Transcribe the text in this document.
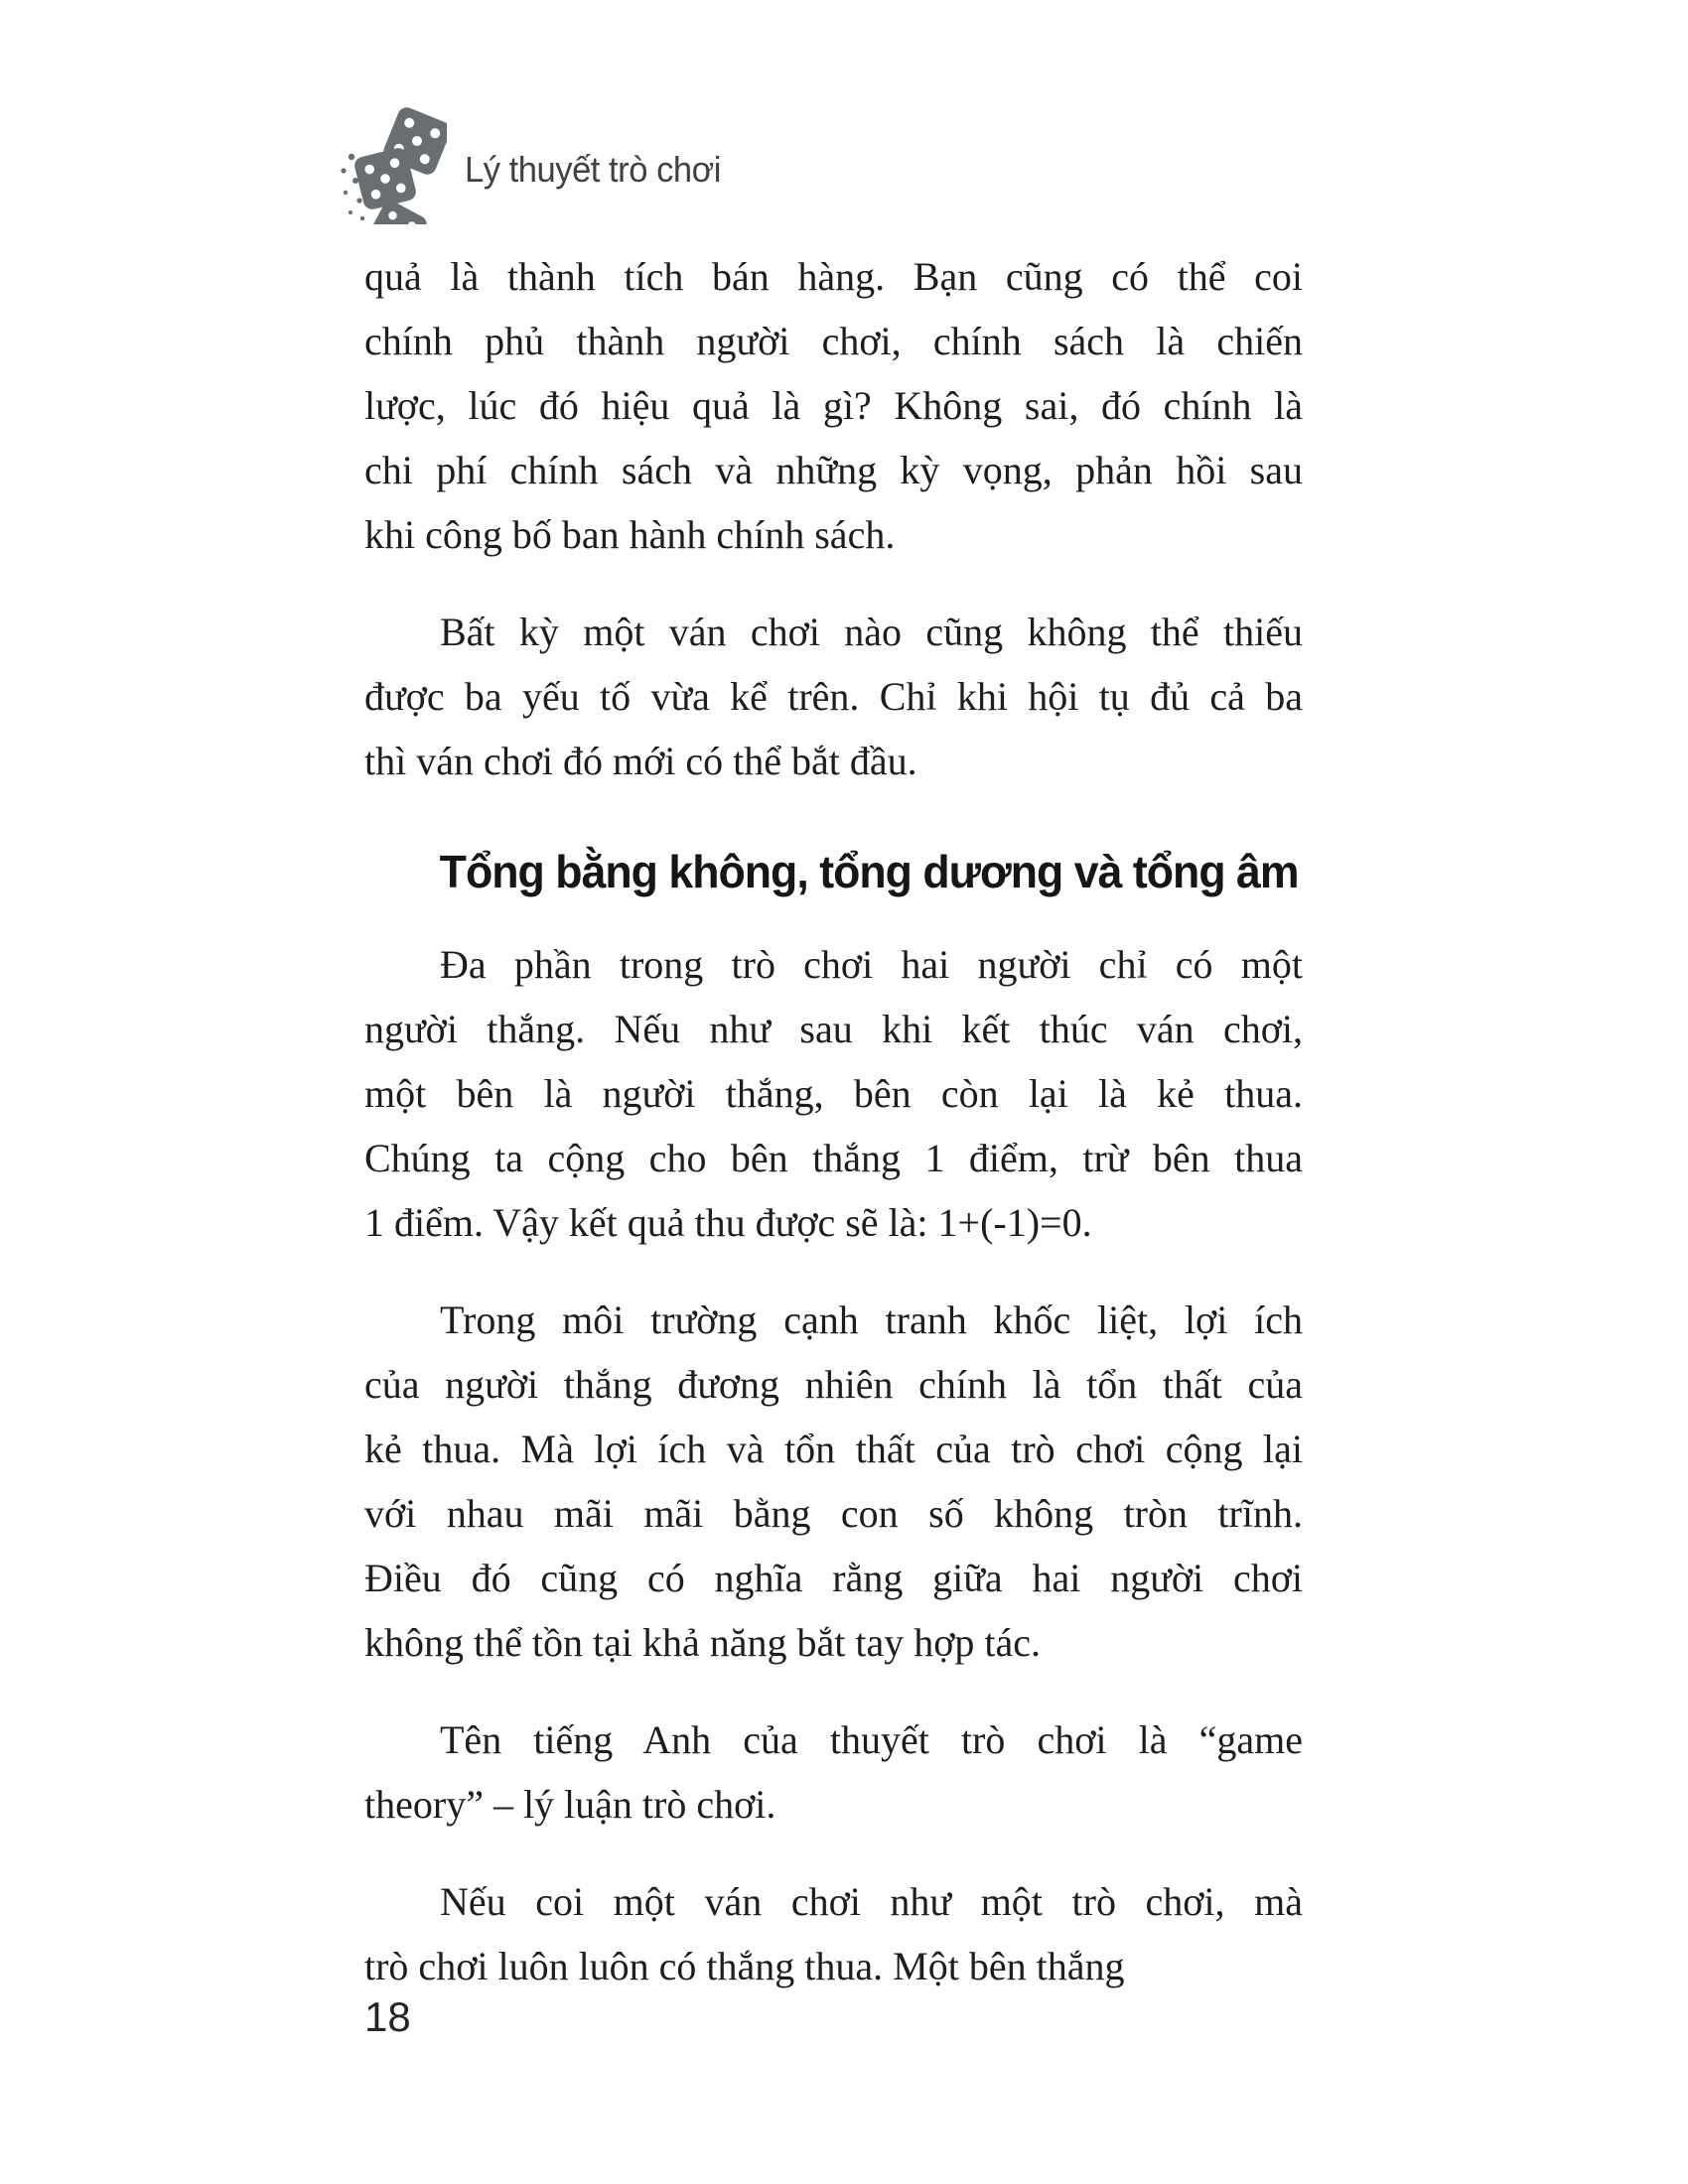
Lý thuyết trò chơi
quả là thành tích bán hàng. Bạn cũng có thể coi
chính phủ thành người chơi, chính sách là chiến
lược, lúc đó hiệu quả là gì? Không sai, đó chính là
chi phí chính sách và những kỳ vọng, phản hồi sau
khi công bố ban hành chính sách.
Bất kỳ một ván chơi nào cũng không thể thiếu
được ba yếu tố vừa kể trên. Chỉ khi hội tụ đủ cả ba
thì ván chơi đó mới có thể bắt đầu.
Tổng bằng không, tổng dương và tổng âm
Đa phần trong trò chơi hai người chỉ có một
người thắng. Nếu như sau khi kết thúc ván chơi,
một bên là người thắng, bên còn lại là kẻ thua.
Chúng ta cộng cho bên thắng 1 điểm, trừ bên thua
1 điểm. Vậy kết quả thu được sẽ là: 1+(-1)=0.
Trong môi trường cạnh tranh khốc liệt, lợi ích
của người thắng đương nhiên chính là tổn thất của
kẻ thua. Mà lợi ích và tổn thất của trò chơi cộng lại
với nhau mãi mãi bằng con số không tròn trĩnh.
Điều đó cũng có nghĩa rằng giữa hai người chơi
không thể tồn tại khả năng bắt tay hợp tác.
Tên tiếng Anh của thuyết trò chơi là “game
theory” – lý luận trò chơi.
Nếu coi một ván chơi như một trò chơi, mà
trò chơi luôn luôn có thắng thua. Một bên thắng
18
